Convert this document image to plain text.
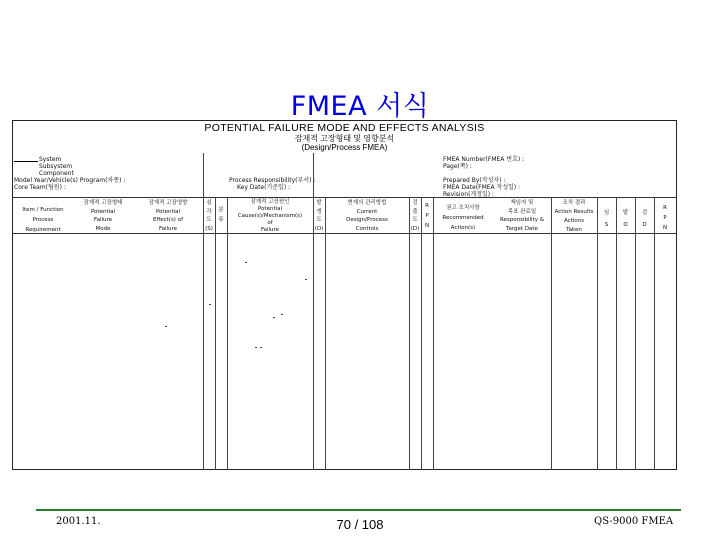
FMEA 서식
POTENTIAL FAILURE MODE AND EFFECTS ANALYSIS
잠재적 고장형태 및 영향분석
(Design/Process FMEA)
System
Subsystem
Component
Model Year/Vehicle(s) Program(차종) :
Core Team(팀원) :
Process Responsibility(부서) :
Key Date(기준일) :
FMEA Number(FMEA 번호) :
Page(쪽) :
Prepared By(작성자) :
FMEA Date(FMEA 작성일) :
Revision(개정일) :
Item / Function
Process
Requirement
잠재적 고장형태
Potential
Failure
Mode
잠재적 고장영향
Potential
Effect(s) of
Failure
심
각
도
(S)
분
류
잠재적 고장원인
Potential
Cause(s)/Mechanism(s)
of
Failure
발
생
도
(O)
현재의 관리방법
Current
Design/Process
Controls
검
출
도
(D)
R
P
N
권고 조치사항
Recommended
Action(s)
책임자 및
목표 완료일
Responsibility &
Target Date
조치 결과
Action Results
Actions
Taken
심
S
발
O
검
D
R
P
N
2001.11.	70 / 108	QS-9000 FMEA
